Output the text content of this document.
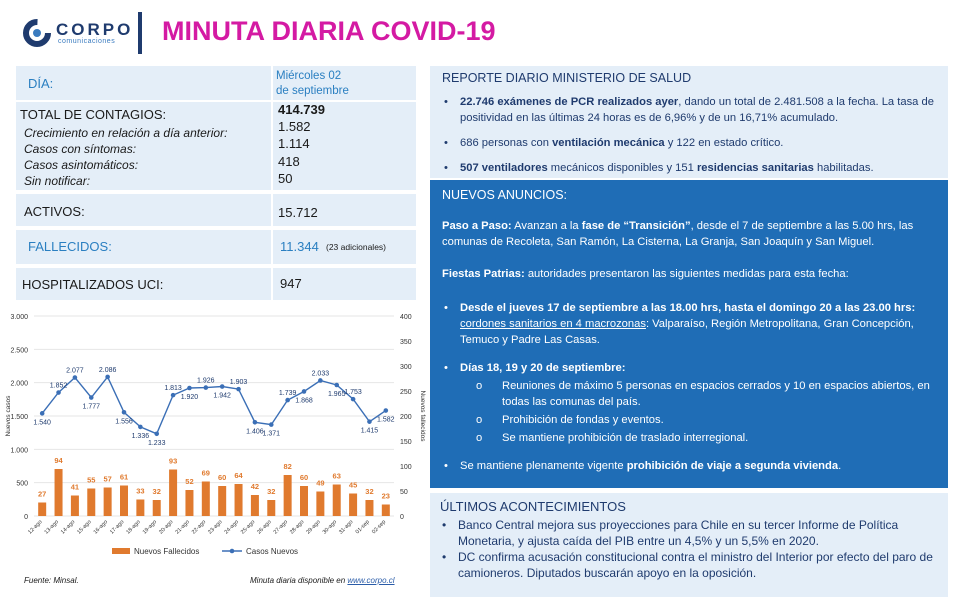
CORPO
comunicaciones MINUTA DIARIA COVID-19
DÍA:	Miércoles 02
de septiembre
TOTAL DE CONTAGIOS:	414.739
Crecimiento en relación a día anterior:	1.582
Casos con síntomas:	1.114
Casos asintomáticos:	418
Sin notificar:	50
ACTIVOS:	15.712
FALLECIDOS:	11.344 (23 adicionales)
HOSPITALIZADOS UCI:	947
3.000
2.500
2.000
1.500
1.000
500
0
400
350
300
250
200
150
100
50
0
Nuevos casos	Nuevos fallecidos
27
12-ago
94
13-ago
41
14-ago
55
15-ago
57
16-ago
61
17-ago
33
18-ago
32
19-ago
93
20-ago
52
21-ago
69
22-ago
60
23-ago
64
24-ago
42
25-ago
32
26-ago
82
27-ago
60
28-ago
49
29-ago
63
30-ago
45
31-ago
32
01-sep
23
02-sep
1.540
1.852
2.077
1.777
2.086
1.556
1.336
1.233
1.813
1.920
1.926
1.942
1.903
1.406
1.371
1.739
1.868
2.033
1.965
1.753
1.415
1.582
Nuevos Fallecidos	Casos Nuevos
Fuente: Minsal.	Minuta diaria disponible en www.corpo.cl
REPORTE DIARIO MINISTERIO DE SALUD
• 22.746 exámenes de PCR realizados ayer, dando un total de 2.481.508 a la fecha. La tasa de positividad en las últimas 24 horas es de 6,96% y de un 16,71% acumulado.
• 686 personas con ventilación mecánica y 122 en estado crítico.
• 507 ventiladores mecánicos disponibles y 151 residencias sanitarias habilitadas.
NUEVOS ANUNCIOS:
Paso a Paso: Avanzan a la fase de “Transición”, desde el 7 de septiembre a las 5.00 hrs, las comunas de Recoleta, San Ramón, La Cisterna, La Granja, San Joaquín y San Miguel.
Fiestas Patrias: autoridades presentaron las siguientes medidas para esta fecha:
• Desde el jueves 17 de septiembre a las 18.00 hrs, hasta el domingo 20 a las 23.00 hrs:
cordones sanitarios en 4 macrozonas: Valparaíso, Región Metropolitana, Gran Concepción, Temuco y Padre Las Casas.
• Días 18, 19 y 20 de septiembre:
o Reuniones de máximo 5 personas en espacios cerrados y 10 en espacios abiertos, en todas las comunas del país.
o Prohibición de fondas y eventos.
o Se mantiene prohibición de traslado interregional.
• Se mantiene plenamente vigente prohibición de viaje a segunda vivienda.
ÚLTIMOS ACONTECIMIENTOS
• Banco Central mejora sus proyecciones para Chile en su tercer Informe de Política Monetaria, y ajusta caída del PIB entre un 4,5% y un 5,5% en 2020.
• DC confirma acusación constitucional contra el ministro del Interior por efecto del paro de camioneros. Diputados buscarán apoyo en la oposición.
